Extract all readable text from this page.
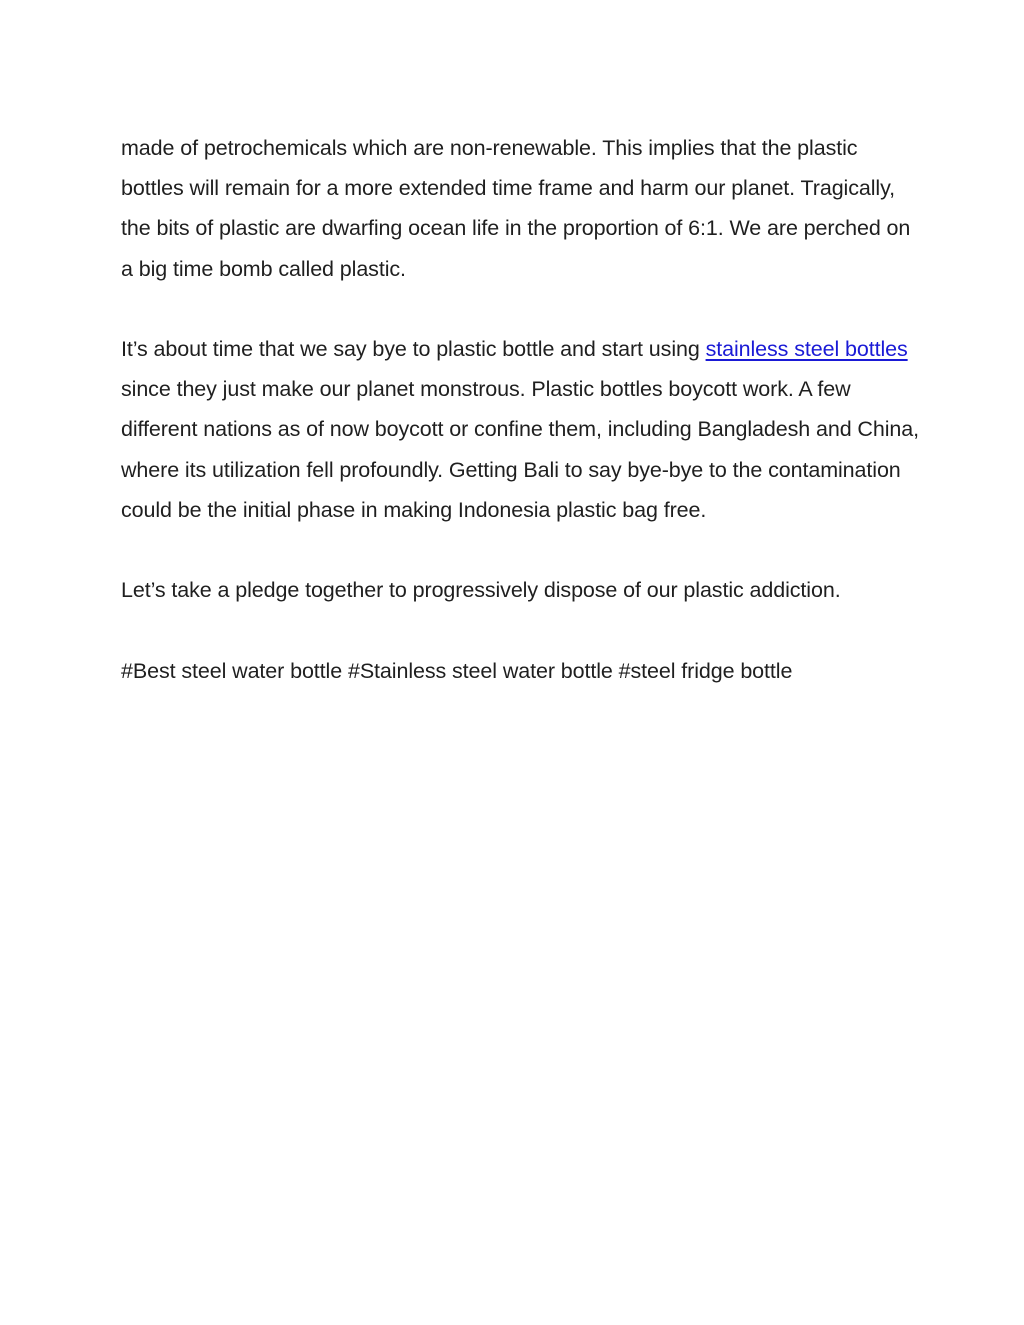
made of petrochemicals which are non-renewable. This implies that the plastic bottles will remain for a more extended time frame and harm our planet. Tragically, the bits of plastic are dwarfing ocean life in the proportion of 6:1. We are perched on a big time bomb called plastic.

It’s about time that we say bye to plastic bottle and start using stainless steel bottles since they just make our planet monstrous. Plastic bottles boycott work. A few different nations as of now boycott or confine them, including Bangladesh and China, where its utilization fell profoundly. Getting Bali to say bye-bye to the contamination could be the initial phase in making Indonesia plastic bag free.

Let’s take a pledge together to progressively dispose of our plastic addiction.

#Best steel water bottle #Stainless steel water bottle #steel fridge bottle
